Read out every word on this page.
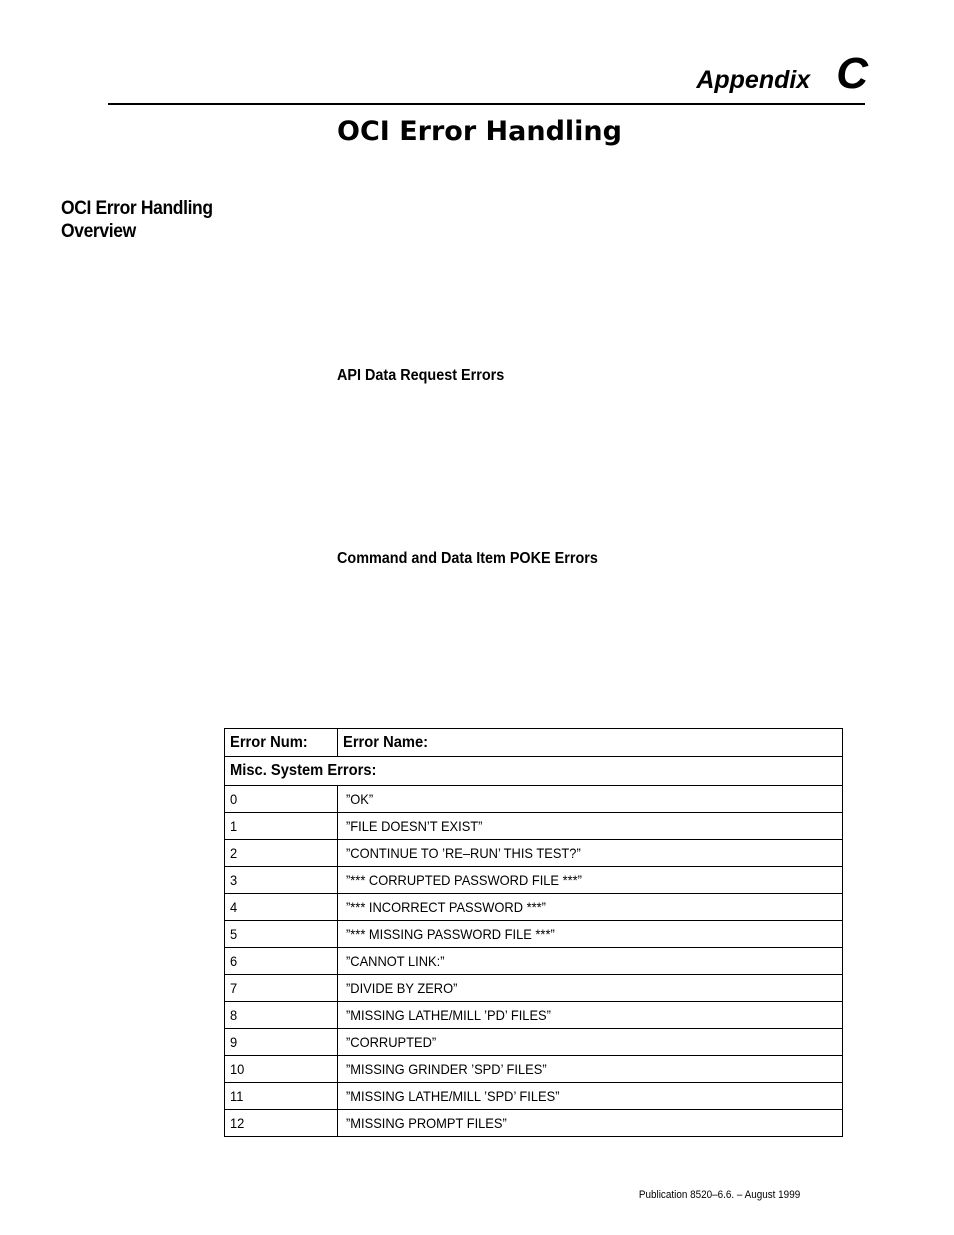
Appendix C
OCI Error Handling
OCI Error Handling
Overview
API Data Request Errors
Command and Data Item POKE Errors
Error Num:	Error Name:
Misc. System Errors:	
0	”OK”
1	”FILE DOESN’T EXIST”
2	”CONTINUE TO ’RE–RUN’ THIS TEST?”
3	”*** CORRUPTED PASSWORD FILE ***”
4	”*** INCORRECT PASSWORD ***”
5	”*** MISSING PASSWORD FILE ***”
6	”CANNOT LINK:”
7	”DIVIDE BY ZERO”
8	”MISSING LATHE/MILL ’PD’ FILES”
9	”CORRUPTED”
10	”MISSING GRINDER ’SPD’ FILES”
11	”MISSING LATHE/MILL ’SPD’ FILES”
12	”MISSING PROMPT FILES”
Publication 8520–6.6. – August 1999
